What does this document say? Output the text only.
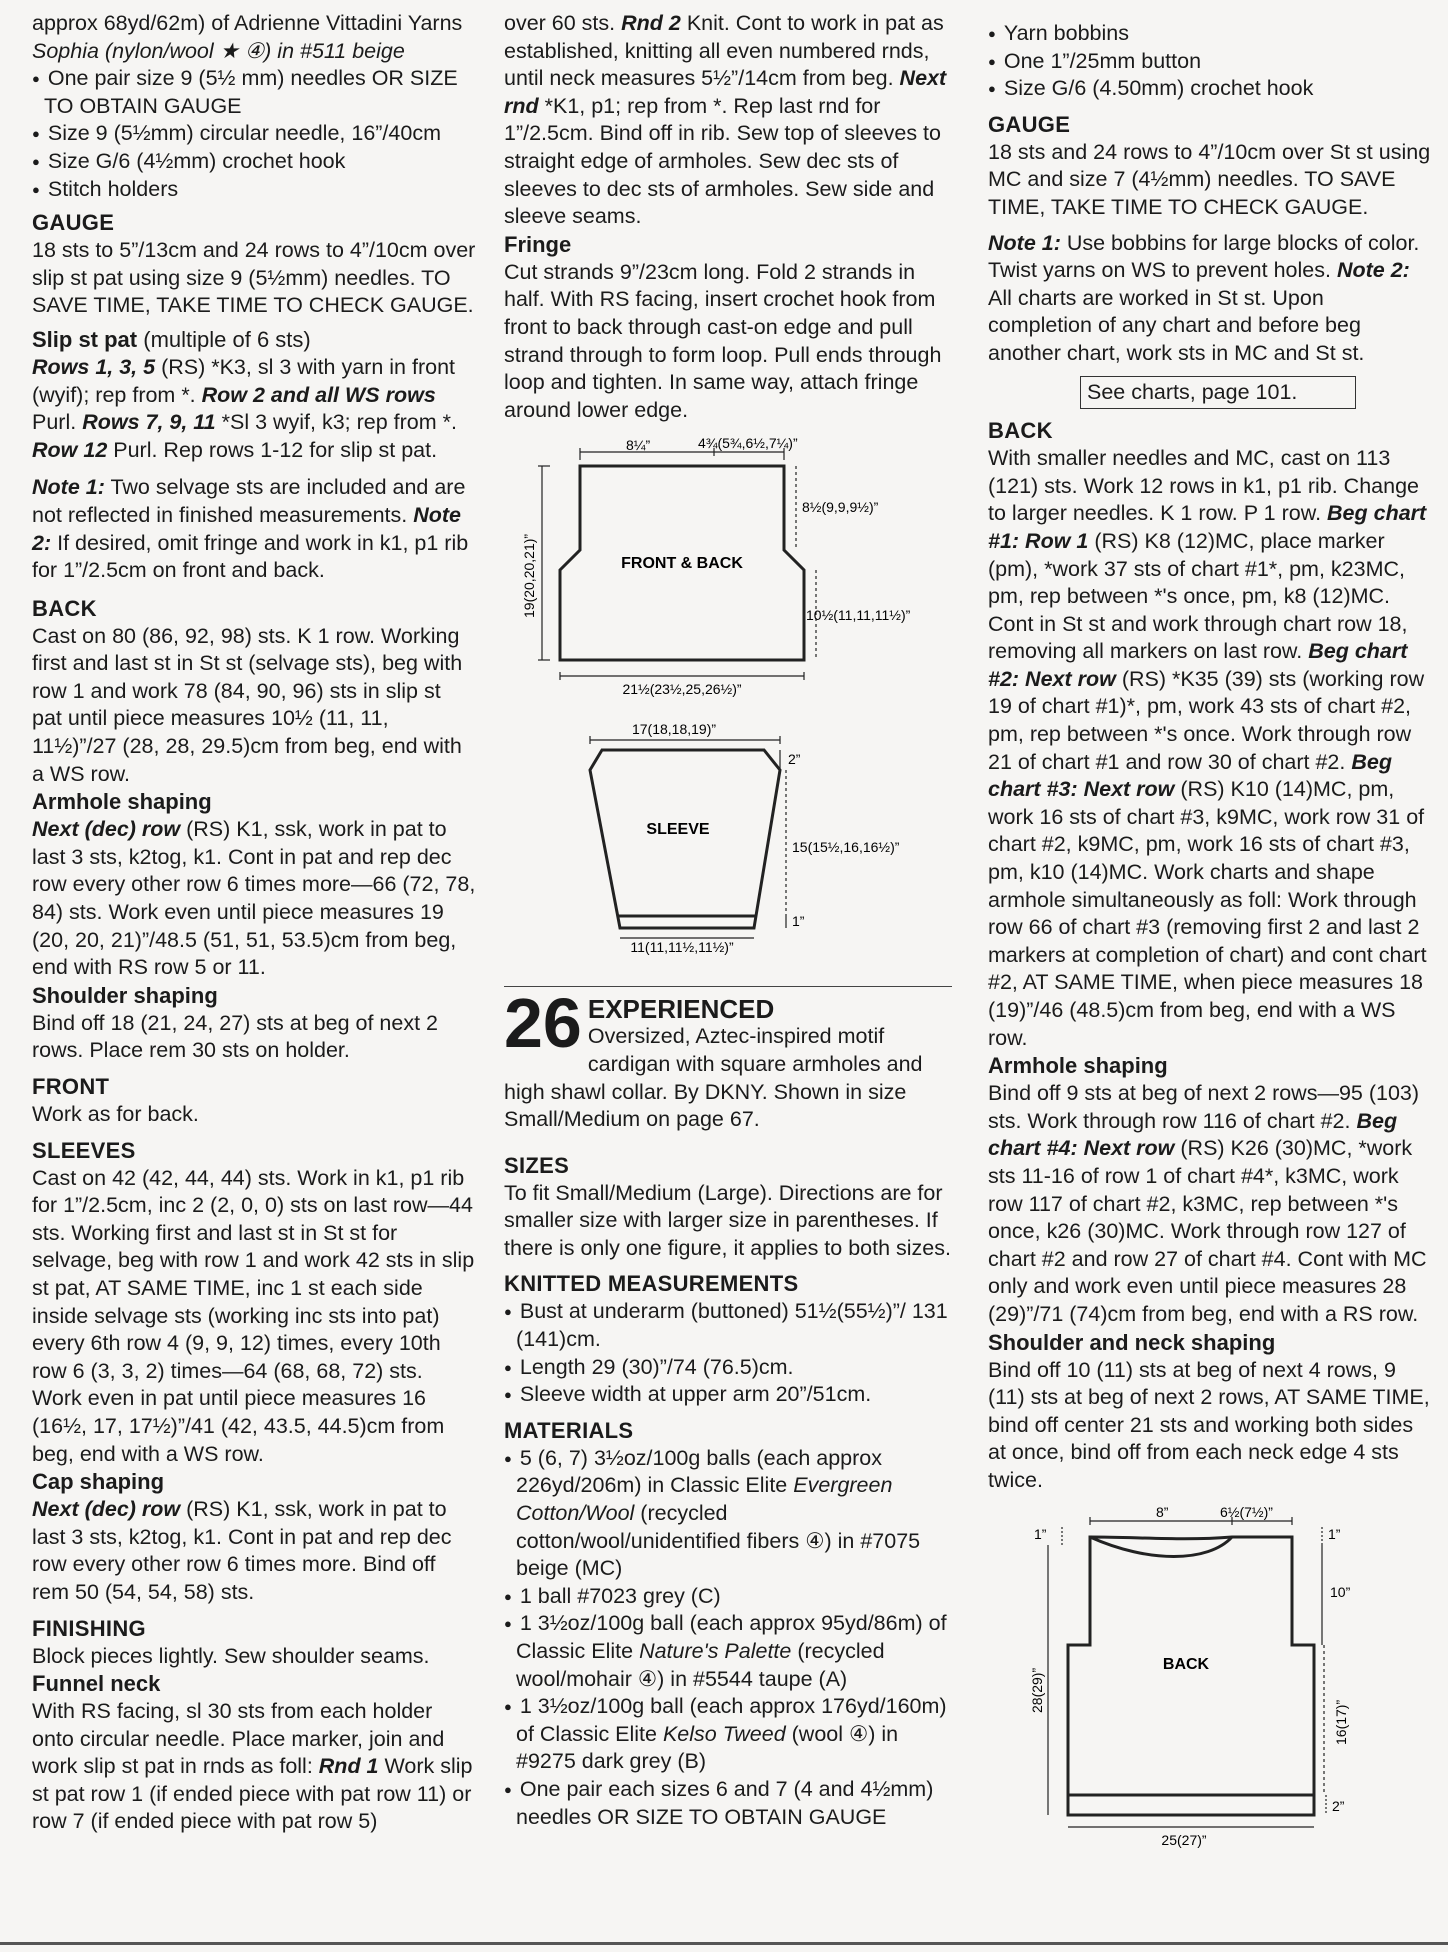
approx 68yd/62m) of Adrienne Vittadini Yarns

Sophia (nylon/wool ★ ④) in #511 beige

● One pair size 9 (5½ mm) needles OR SIZE TO OBTAIN GAUGE

● Size 9 (5½mm) circular needle, 16”/40cm

● Size G/6 (4½mm) crochet hook

● Stitch holders

GAUGE

18 sts to 5”/13cm and 24 rows to 4”/10cm over slip st pat using size 9 (5½mm) needles. TO SAVE TIME, TAKE TIME TO CHECK GAUGE.

Slip st pat (multiple of 6 sts)

Rows 1, 3, 5 (RS) *K3, sl 3 with yarn in front (wyif); rep from *. Row 2 and all WS rows Purl. Rows 7, 9, 11 *Sl 3 wyif, k3; rep from *. Row 12 Purl. Rep rows 1-12 for slip st pat.

Note 1: Two selvage sts are included and are not reflected in finished measurements. Note 2: If desired, omit fringe and work in k1, p1 rib for 1”/2.5cm on front and back.

BACK

Cast on 80 (86, 92, 98) sts. K 1 row. Working first and last st in St st (selvage sts), beg with row 1 and work 78 (84, 90, 96) sts in slip st pat until piece measures 10½ (11, 11, 11½)”/27 (28, 28, 29.5)cm from beg, end with a WS row.

Armhole shaping

Next (dec) row (RS) K1, ssk, work in pat to last 3 sts, k2tog, k1. Cont in pat and rep dec row every other row 6 times more—66 (72, 78, 84) sts. Work even until piece measures 19 (20, 20, 21)”/48.5 (51, 51, 53.5)cm from beg, end with RS row 5 or 11.

Shoulder shaping

Bind off 18 (21, 24, 27) sts at beg of next 2 rows. Place rem 30 sts on holder.

FRONT

Work as for back.

SLEEVES

Cast on 42 (42, 44, 44) sts. Work in k1, p1 rib for 1”/2.5cm, inc 2 (2, 0, 0) sts on last row—44 sts. Working first and last st in St st for selvage, beg with row 1 and work 42 sts in slip st pat, AT SAME TIME, inc 1 st each side inside selvage sts (working inc sts into pat) every 6th row 4 (9, 9, 12) times, every 10th row 6 (3, 3, 2) times—64 (68, 68, 72) sts. Work even in pat until piece measures 16 (16½, 17, 17½)”/41 (42, 43.5, 44.5)cm from beg, end with a WS row.

Cap shaping

Next (dec) row (RS) K1, ssk, work in pat to last 3 sts, k2tog, k1. Cont in pat and rep dec row every other row 6 times more. Bind off rem 50 (54, 54, 58) sts.

FINISHING

Block pieces lightly. Sew shoulder seams.

Funnel neck

With RS facing, sl 30 sts from each holder onto circular needle. Place marker, join and work slip st pat in rnds as foll: Rnd 1 Work slip st pat row 1 (if ended piece with pat row 11) or row 7 (if ended piece with pat row 5)

over 60 sts. Rnd 2 Knit. Cont to work in pat as established, knitting all even numbered rnds, until neck measures 5½”/14cm from beg. Next rnd *K1, p1; rep from *. Rep last rnd for 1”/2.5cm. Bind off in rib. Sew top of sleeves to straight edge of armholes. Sew dec sts of sleeves to dec sts of armholes. Sew side and sleeve seams.

Fringe

Cut strands 9”/23cm long. Fold 2 strands in half. With RS facing, insert crochet hook from front to back through cast-on edge and pull strand through to form loop. Pull ends through loop and tighten. In same way, attach fringe around lower edge.

FRONT & BACK
8¼”	4¾(5¾,6½,7¼)”
8½(9,9,9½)”
10½(11,11,11½)”
19(20,20,21)”
21½(23½,25,26½)”
17(18,18,19)”
2”
SLEEVE
15(15½,16,16½)”
1”
11(11,11½,11½)”
26 EXPERIENCED
Oversized, Aztec-inspired motif cardigan with square armholes and high shawl collar. By DKNY. Shown in size Small/Medium on page 67.
SIZES

To fit Small/Medium (Large). Directions are for smaller size with larger size in parentheses. If there is only one figure, it applies to both sizes.

KNITTED MEASUREMENTS

● Bust at underarm (buttoned) 51½(55½)”/ 131 (141)cm.

● Length 29 (30)”/74 (76.5)cm.

● Sleeve width at upper arm 20”/51cm.

MATERIALS

● 5 (6, 7) 3½oz/100g balls (each approx 226yd/206m) in Classic Elite Evergreen Cotton/Wool (recycled cotton/wool/unidentified fibers ④) in #7075 beige (MC)

● 1 ball #7023 grey (C)

● 1 3½oz/100g ball (each approx 95yd/86m) of Classic Elite Nature's Palette (recycled wool/mohair ④) in #5544 taupe (A)

● 1 3½oz/100g ball (each approx 176yd/160m) of Classic Elite Kelso Tweed (wool ④) in #9275 dark grey (B)

● One pair each sizes 6 and 7 (4 and 4½mm) needles OR SIZE TO OBTAIN GAUGE

● Yarn bobbins

● One 1”/25mm button

● Size G/6 (4.50mm) crochet hook

GAUGE

18 sts and 24 rows to 4”/10cm over St st using MC and size 7 (4½mm) needles. TO SAVE TIME, TAKE TIME TO CHECK GAUGE.

Note 1: Use bobbins for large blocks of color. Twist yarns on WS to prevent holes. Note 2: All charts are worked in St st. Upon completion of any chart and before beg another chart, work sts in MC and St st.

See charts, page 101.
BACK

With smaller needles and MC, cast on 113 (121) sts. Work 12 rows in k1, p1 rib. Change to larger needles. K 1 row. P 1 row. Beg chart #1: Row 1 (RS) K8 (12)MC, place marker (pm), *work 37 sts of chart #1*, pm, k23MC, pm, rep between *'s once, pm, k8 (12)MC. Cont in St st and work through chart row 18, removing all markers on last row. Beg chart #2: Next row (RS) *K35 (39) sts (working row 19 of chart #1)*, pm, work 43 sts of chart #2, pm, rep between *'s once. Work through row 21 of chart #1 and row 30 of chart #2. Beg chart #3: Next row (RS) K10 (14)MC, pm, work 16 sts of chart #3, k9MC, work row 31 of chart #2, k9MC, pm, work 16 sts of chart #3, pm, k10 (14)MC. Work charts and shape armhole simultaneously as foll: Work through row 66 of chart #3 (removing first 2 and last 2 markers at completion of chart) and cont chart #2, AT SAME TIME, when piece measures 18 (19)”/46 (48.5)cm from beg, end with a WS row.

Armhole shaping

Bind off 9 sts at beg of next 2 rows—95 (103) sts. Work through row 116 of chart #2. Beg chart #4: Next row (RS) K26 (30)MC, *work sts 11-16 of row 1 of chart #4*, k3MC, work row 117 of chart #2, k3MC, rep between *'s once, k26 (30)MC. Work through row 127 of chart #2 and row 27 of chart #4. Cont with MC only and work even until piece measures 28 (29)”/71 (74)cm from beg, end with a RS row.

Shoulder and neck shaping

Bind off 10 (11) sts at beg of next 4 rows, 9 (11) sts at beg of next 2 rows, AT SAME TIME, bind off center 21 sts and working both sides at once, bind off from each neck edge 4 sts twice.

8”	6½(7½)”
1”	1”
10”
BACK
16(17)”
2”
28(29)”
25(27)”
